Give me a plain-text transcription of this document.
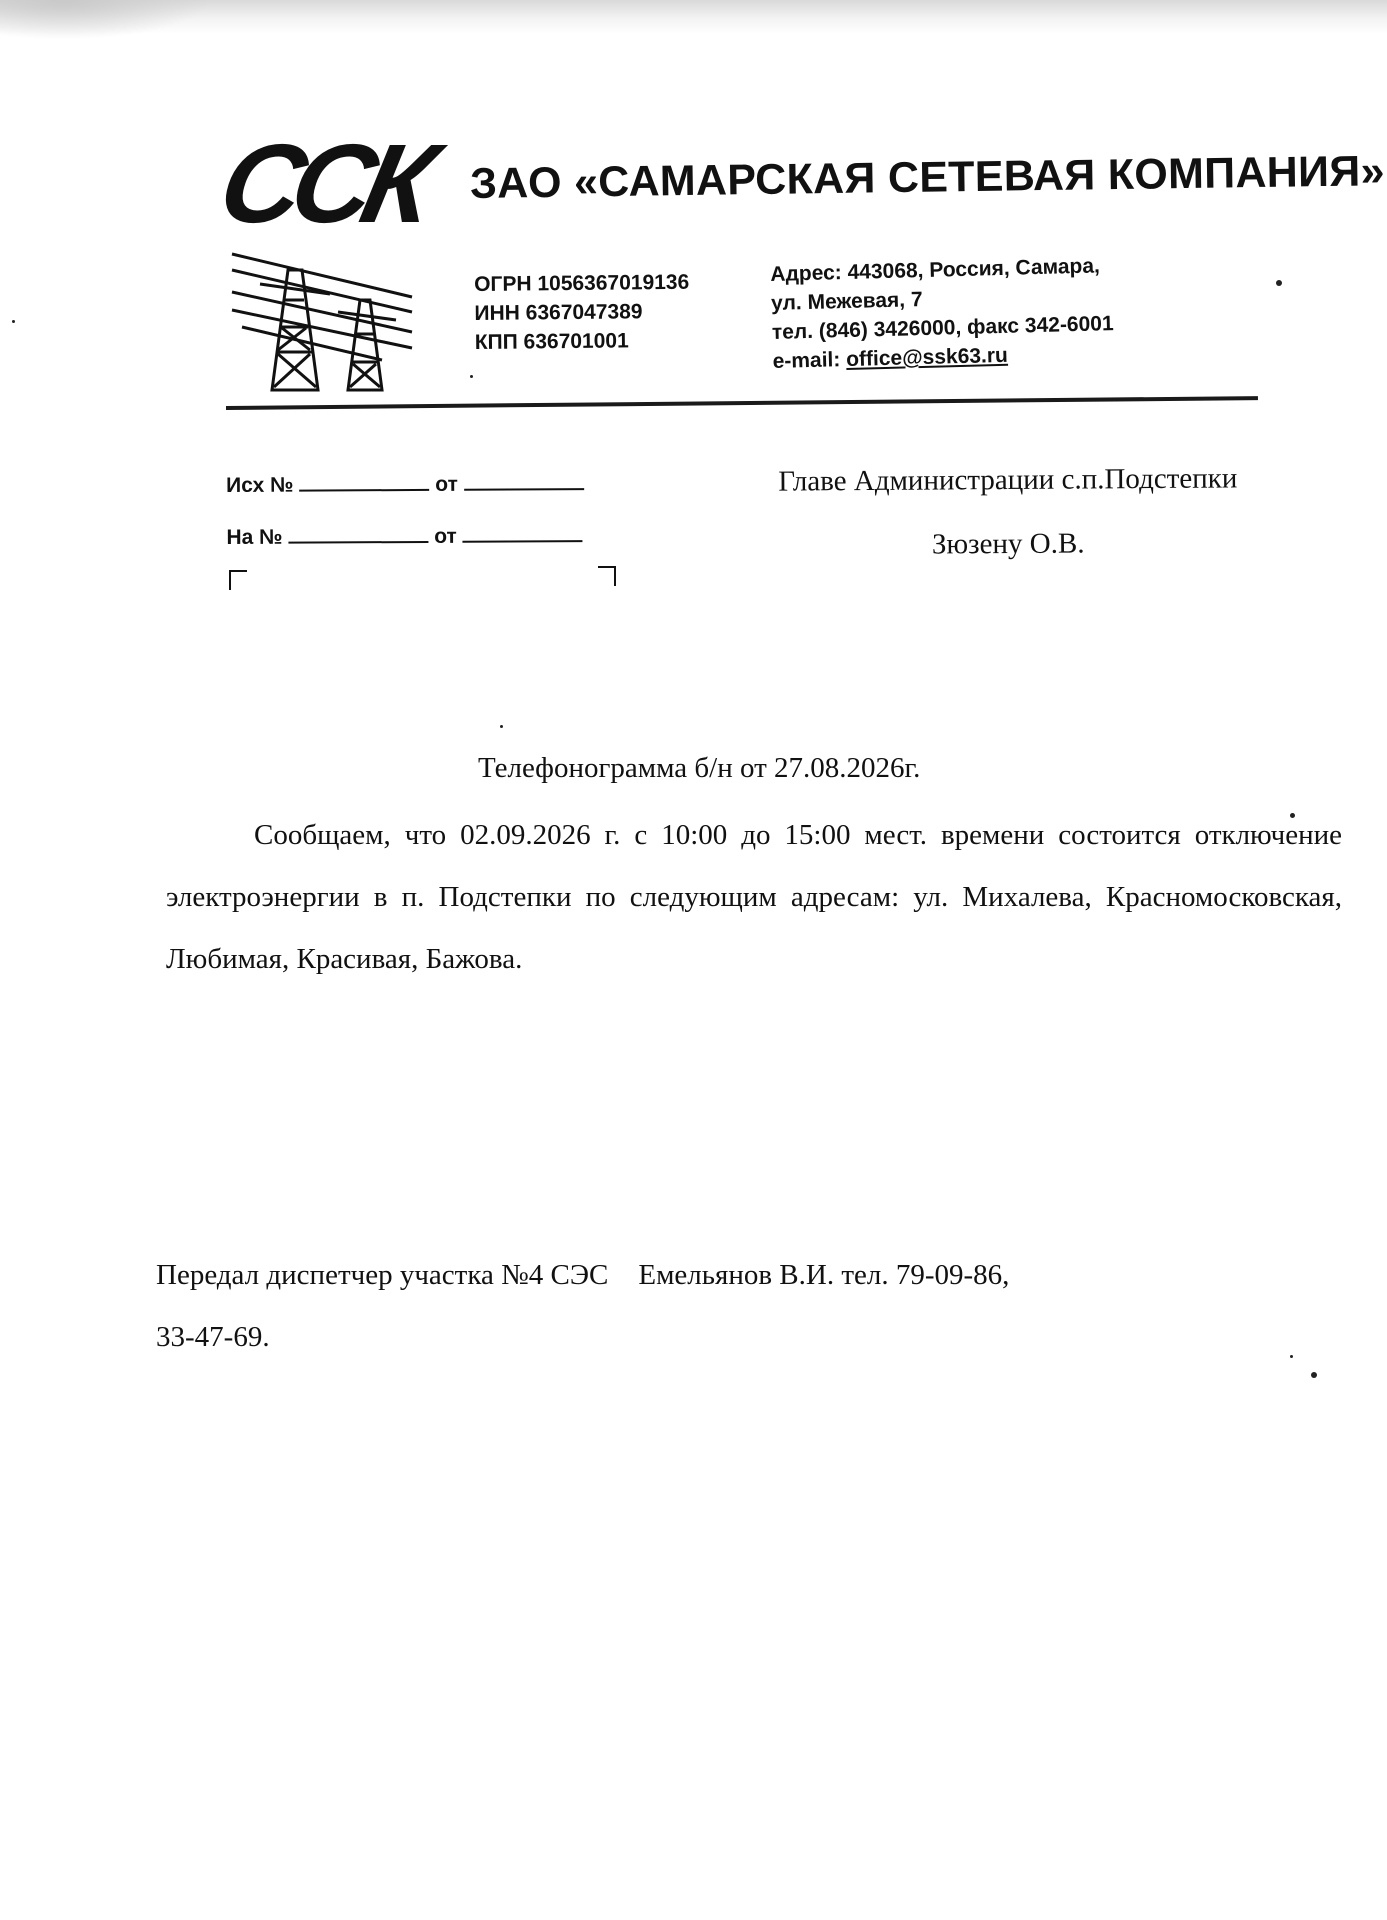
ССК ЗАО «САМАРСКАЯ СЕТЕВАЯ КОМПАНИЯ»
ОГРН 1056367019136
ИНН 6367047389
КПП 636701001
Адрес: 443068, Россия, Самара,
ул. Межевая, 7
тел. (846) 3426000, факс 342-6001
e-mail: office@ssk63.ru
Исх №	от
На №	от
Главе Администрации с.п.Подстепки
Зюзену О.В.
Телефонограмма б/н от 27.08.2026г.
Сообщаем, что 02.09.2026 г. с 10:00 до 15:00 мест. времени состоится отключение электроэнергии в п. Подстепки по следующим адресам: ул. Михалева, Красномосковская, Любимая, Красивая, Бажова.
Передал диспетчер участка №4 СЭС Емельянов В.И. тел. 79-09-86,
33-47-69.
